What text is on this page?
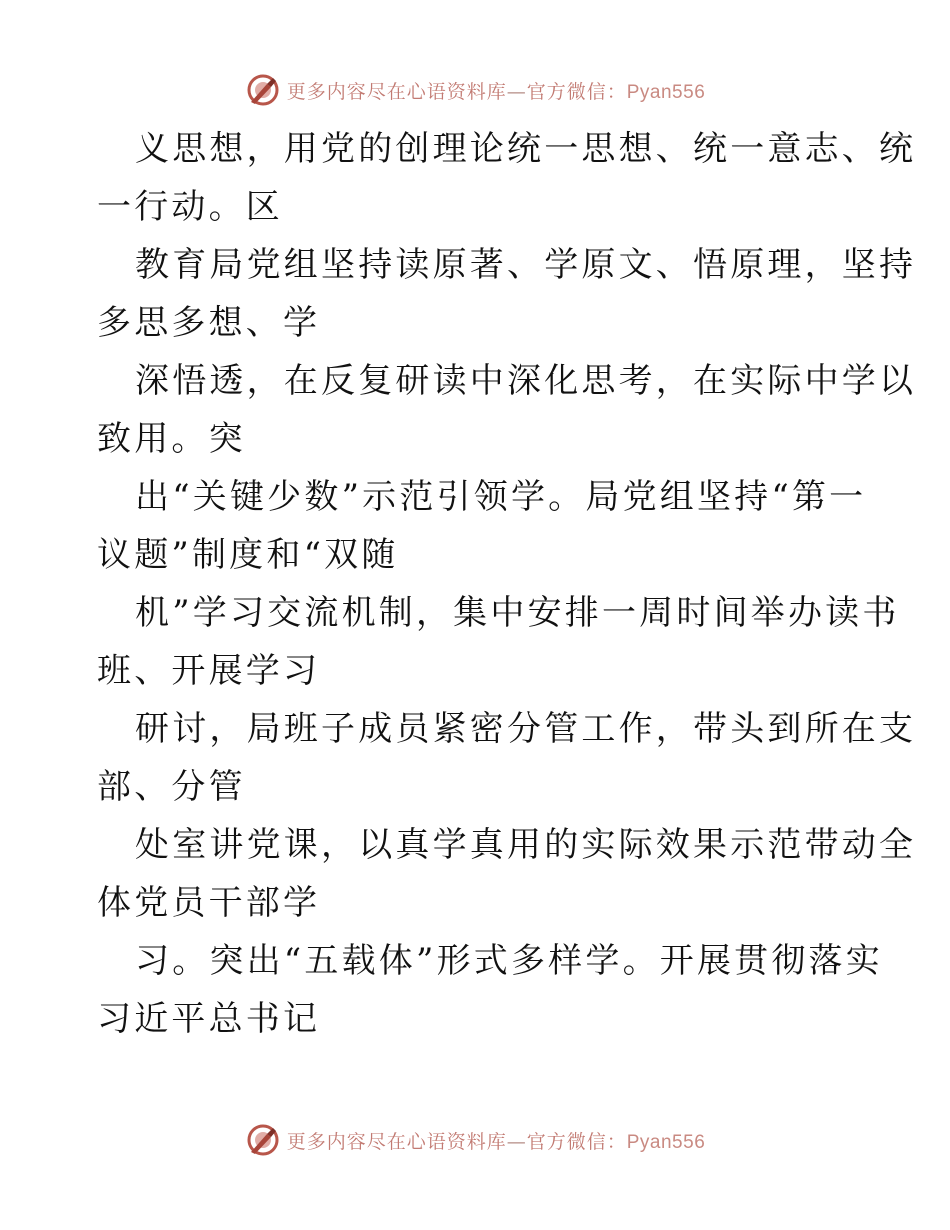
更多内容尽在心语资料库—官方微信：Pyan556
义思想，用党的创理论统一思想、统一意志、统
一行动。区
教育局党组坚持读原著、学原文、悟原理，坚持
多思多想、学
深悟透，在反复研读中深化思考，在实际中学以
致用。突
出“关键少数”示范引领学。局党组坚持“第一
议题”制度和“双随
机”学习交流机制，集中安排一周时间举办读书
班、开展学习
研讨，局班子成员紧密分管工作，带头到所在支
部、分管
处室讲党课，以真学真用的实际效果示范带动全
体党员干部学
习。突出“五载体”形式多样学。开展贯彻落实
习近平总书记
更多内容尽在心语资料库—官方微信：Pyan556
